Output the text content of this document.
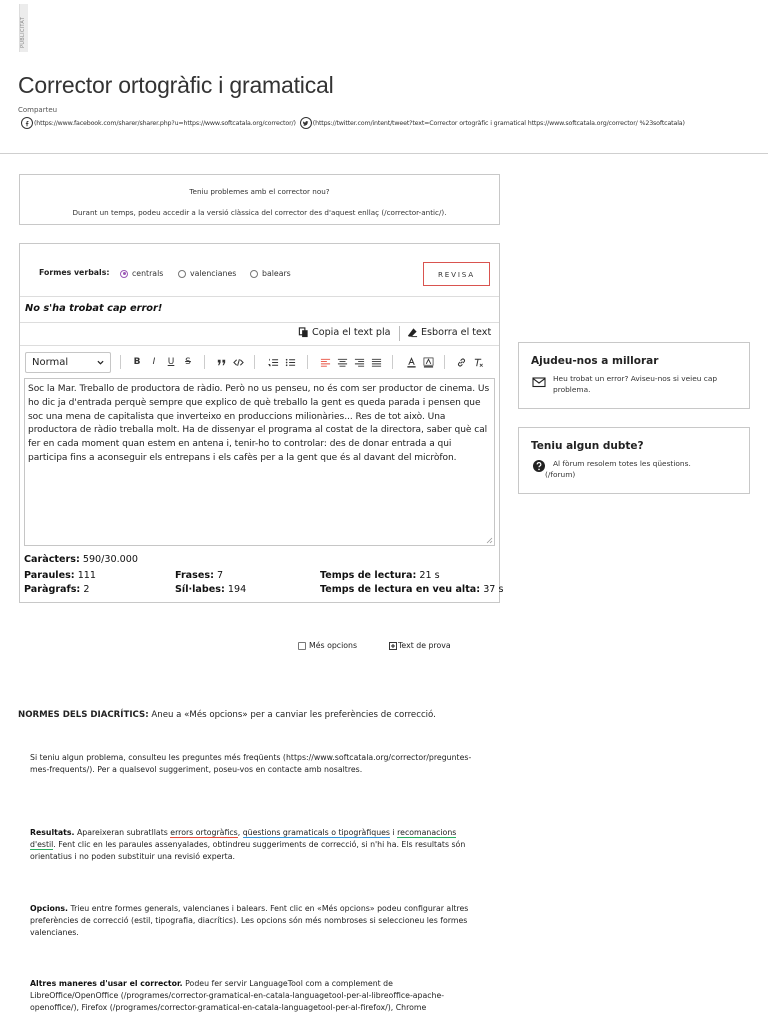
PUBLICITAT
Corrector ortogràfic i gramatical
Comparteu
(https://www.facebook.com/sharer/sharer.php?u=https://www.softcatala.org/corrector/)	(https://twitter.com/intent/tweet?text=Corrector ortogràfic i gramatical https://www.softcatala.org/corrector/ %23softcatala)
Teniu problemes amb el corrector nou?
Durant un temps, podeu accedir a la versió clàssica del corrector des d'aquest enllaç (/corrector-antic/).
Formes verbals:	centrals	valencianes	balears	REVISA
No s'ha trobat cap error!
Copia el text pla	Esborra el text
Normal	B	I	U	S
Soc la Mar. Treballo de productora de ràdio. Però no us penseu, no és com ser productor de cinema. Us ho dic ja d'entrada perquè sempre que explico de què treballo la gent es queda parada i pensen que soc una mena de capitalista que inverteixo en produccions milionàries... Res de tot això. Una productora de ràdio treballa molt. Ha de dissenyar el programa al costat de la directora, saber què cal fer en cada moment quan estem en antena i, tenir-ho to controlar: des de donar entrada a qui participa fins a aconseguir els entrepans i els cafès per a la gent que és al davant del micròfon.
Caràcters: 590/30.000
Paraules: 111	Frases: 7	Temps de lectura: 21 s
Paràgrafs: 2	Síl·labes: 194	Temps de lectura en veu alta: 37 s
Ajudeu-nos a millorar
Heu trobat un error? Aviseu-nos si veieu cap problema.
Teniu algun dubte?
Al fòrum resolem totes les qüestions.
(/forum)
Més opcions	Text de prova
NORMES DELS DIACRÍTICS: Aneu a «Més opcions» per a canviar les preferències de correcció.
Si teniu algun problema, consulteu les preguntes més freqüents (https://www.softcatala.org/corrector/preguntes-mes-frequents/). Per a qualsevol suggeriment, poseu-vos en contacte amb nosaltres.
Resultats. Apareixeran subratllats errors ortogràfics, qüestions gramaticals o tipogràfiques i recomanacions d'estil. Fent clic en les paraules assenyalades, obtindreu suggeriments de correcció, si n'hi ha. Els resultats són orientatius i no poden substituir una revisió experta.
Opcions. Trieu entre formes generals, valencianes i balears. Fent clic en «Més opcions» podeu configurar altres preferències de correcció (estil, tipografia, diacrítics). Les opcions són més nombroses si seleccioneu les formes valencianes.
Altres maneres d'usar el corrector. Podeu fer servir LanguageTool com a complement de LibreOffice/OpenOffice (/programes/corrector-gramatical-en-catala-languagetool-per-al-libreoffice-apache-openoffice/), Firefox (/programes/corrector-gramatical-en-catala-languagetool-per-al-firefox/), Chrome
